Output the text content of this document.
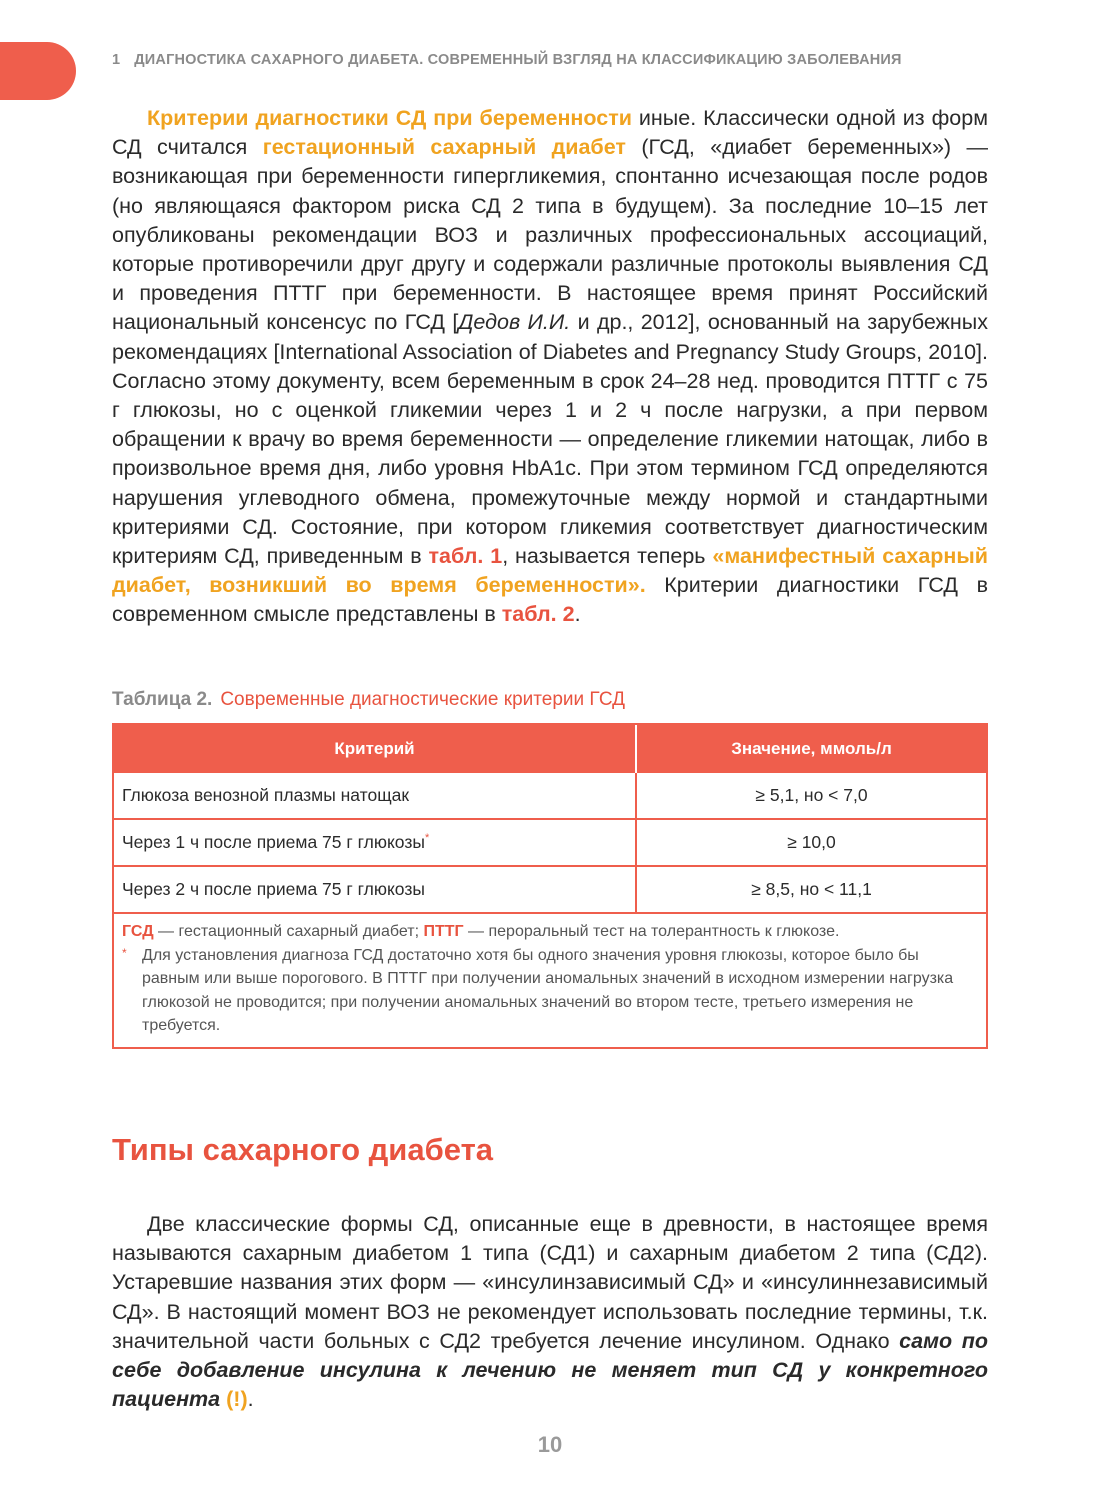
1 ДИАГНОСТИКА САХАРНОГО ДИАБЕТА. СОВРЕМЕННЫЙ ВЗГЛЯД НА КЛАССИФИКАЦИЮ ЗАБОЛЕВАНИЯ

Критерии диагностики СД при беременности иные. Классически одной из форм СД считался гестационный сахарный диабет (ГСД, «диабет беременных») — возникающая при беременности гипергликемия, спонтанно исчезающая после родов (но являющаяся фактором риска СД 2 типа в будущем). За последние 10–15 лет опубликованы рекомендации ВОЗ и различных профессиональных ассоциаций, которые противоречили друг другу и содержали различные протоколы выявления СД и проведения ПТТГ при беременности. В настоящее время принят Российский национальный консенсус по ГСД [Дедов И.И. и др., 2012], основанный на зарубежных рекомендациях [International Association of Diabetes and Pregnancy Study Groups, 2010]. Согласно этому документу, всем беременным в срок 24–28 нед. проводится ПТТГ с 75 г глюкозы, но с оценкой гликемии через 1 и 2 ч после нагрузки, а при первом обращении к врачу во время беременности — определение гликемии натощак, либо в произвольное время дня, либо уровня HbA1c. При этом термином ГСД определяются нарушения углеводного обмена, промежуточные между нормой и стандартными критериями СД. Состояние, при котором гликемия соответствует диагностическим критериям СД, приведенным в табл. 1, называется теперь «манифестный сахарный диабет, возникший во время беременности». Критерии диагностики ГСД в современном смысле представлены в табл. 2.

Таблица 2. Современные диагностические критерии ГСД
Критерий	Значение, ммоль/л
Глюкоза венозной плазмы натощак	≥ 5,1, но < 7,0
Через 1 ч после приема 75 г глюкозы*	≥ 10,0
Через 2 ч после приема 75 г глюкозы	≥ 8,5, но < 11,1
ГСД — гестационный сахарный диабет; ПТТГ — пероральный тест на толерантность к глюкозе.
* Для установления диагноза ГСД достаточно хотя бы одного значения уровня глюкозы, которое было бы равным или выше порогового. В ПТТГ при получении аномальных значений в исходном измерении нагрузка глюкозой не проводится; при получении аномальных значений во втором тесте, третьего измерения не требуется.
Типы сахарного диабета

Две классические формы СД, описанные еще в древности, в настоящее время называются сахарным диабетом 1 типа (СД1) и сахарным диабетом 2 типа (СД2). Устаревшие названия этих форм — «инсулинзависимый СД» и «инсулиннезависимый СД». В настоящий момент ВОЗ не рекомендует использовать последние термины, т.к. значительной части больных с СД2 требуется лечение инсулином. Однако само по себе добавление инсулина к лечению не меняет тип СД у конкретного пациента (!).

10
